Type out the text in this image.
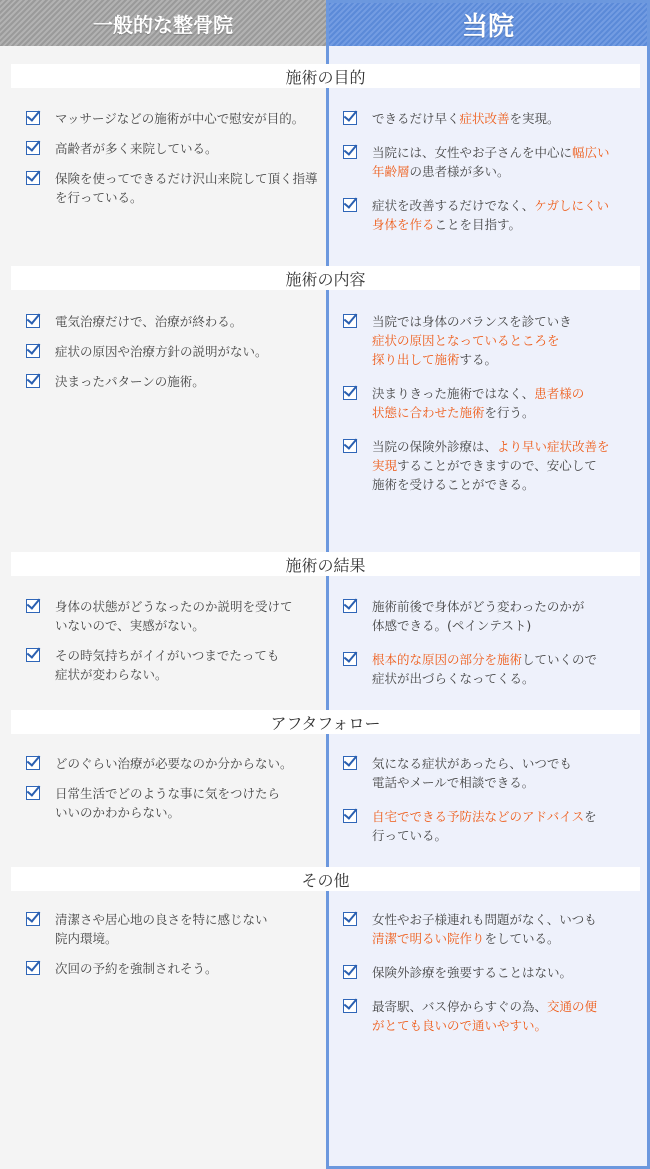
一般的な整骨院	当院
施術の目的
マッサージなどの施術が中心で慰安が目的。
高齢者が多く来院している。
保険を使ってできるだけ沢山来院して頂く指導を行っている。
できるだけ早く症状改善を実現。
当院には、女性やお子さんを中心に幅広い
年齢層の患者様が多い。
症状を改善するだけでなく、ケガしにくい
身体を作ることを目指す。
施術の内容
電気治療だけで、治療が終わる。
症状の原因や治療方針の説明がない。
決まったパターンの施術。
当院では身体のバランスを診ていき
症状の原因となっているところを
探り出して施術する。
決まりきった施術ではなく、患者様の
状態に合わせた施術を行う。
当院の保険外診療は、より早い症状改善を
実現することができますので、安心して
施術を受けることができる。
施術の結果
身体の状態がどうなったのか説明を受けて
いないので、実感がない。
その時気持ちがイイがいつまでたっても
症状が変わらない。
施術前後で身体がどう変わったのかが
体感できる。(ペインテスト)
根本的な原因の部分を施術していくので
症状が出づらくなってくる。
アフタフォロー
どのぐらい治療が必要なのか分からない。
日常生活でどのような事に気をつけたら
いいのかわからない。
気になる症状があったら、いつでも
電話やメールで相談できる。
自宅でできる予防法などのアドバイスを
行っている。
その他
清潔さや居心地の良さを特に感じない
院内環境。
次回の予約を強制されそう。
女性やお子様連れも問題がなく、いつも
清潔で明るい院作りをしている。
保険外診療を強要することはない。
最寄駅、バス停からすぐの為、交通の便
がとても良いので通いやすい。
